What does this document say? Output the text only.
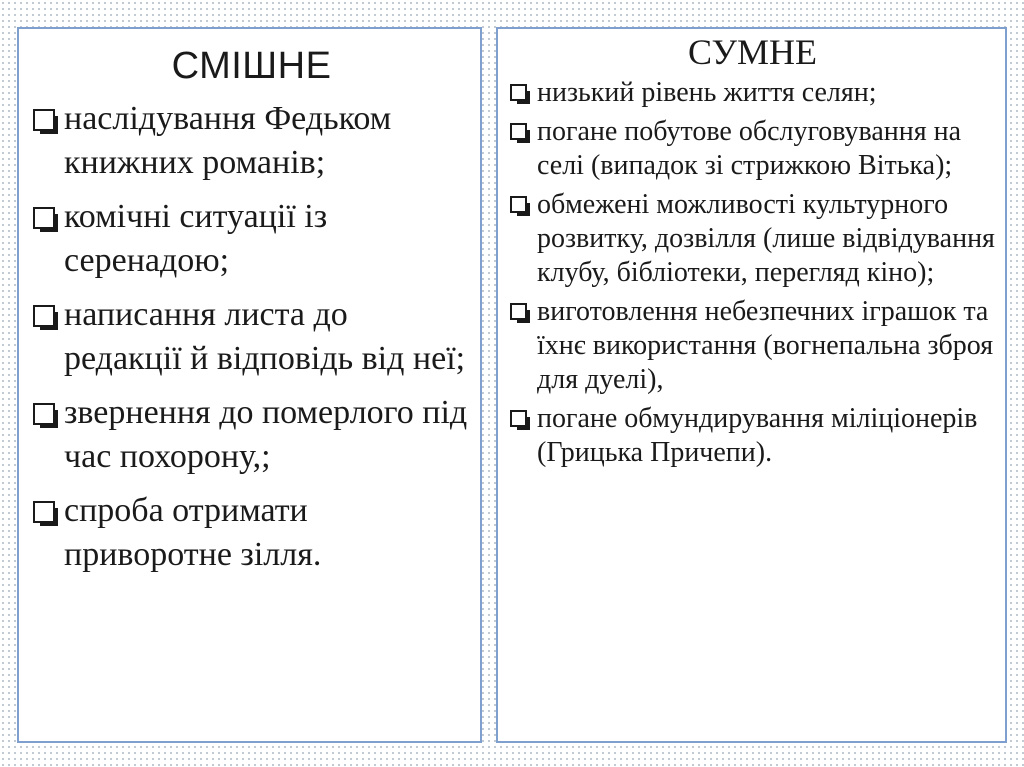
СМІШНЕ
наслідування Федьком книжних романів;
комічні ситуації із серенадою;
написання листа до редакції й відповідь від неї;
звернення до померлого під час похорону,;
спроба отримати приворотне зілля.
СУМНЕ
низький рівень життя селян;
погане побутове обслуговування на селі (випадок зі стрижкою Вітька);
обмежені можливості культурного розвитку, дозвілля (лише відвідування клубу, бібліотеки, перегляд кіно);
виготовлення небезпечних іграшок та їхнє використання (вогнепальна зброя для дуелі),
погане обмундирування міліціонерів (Грицька Причепи).
